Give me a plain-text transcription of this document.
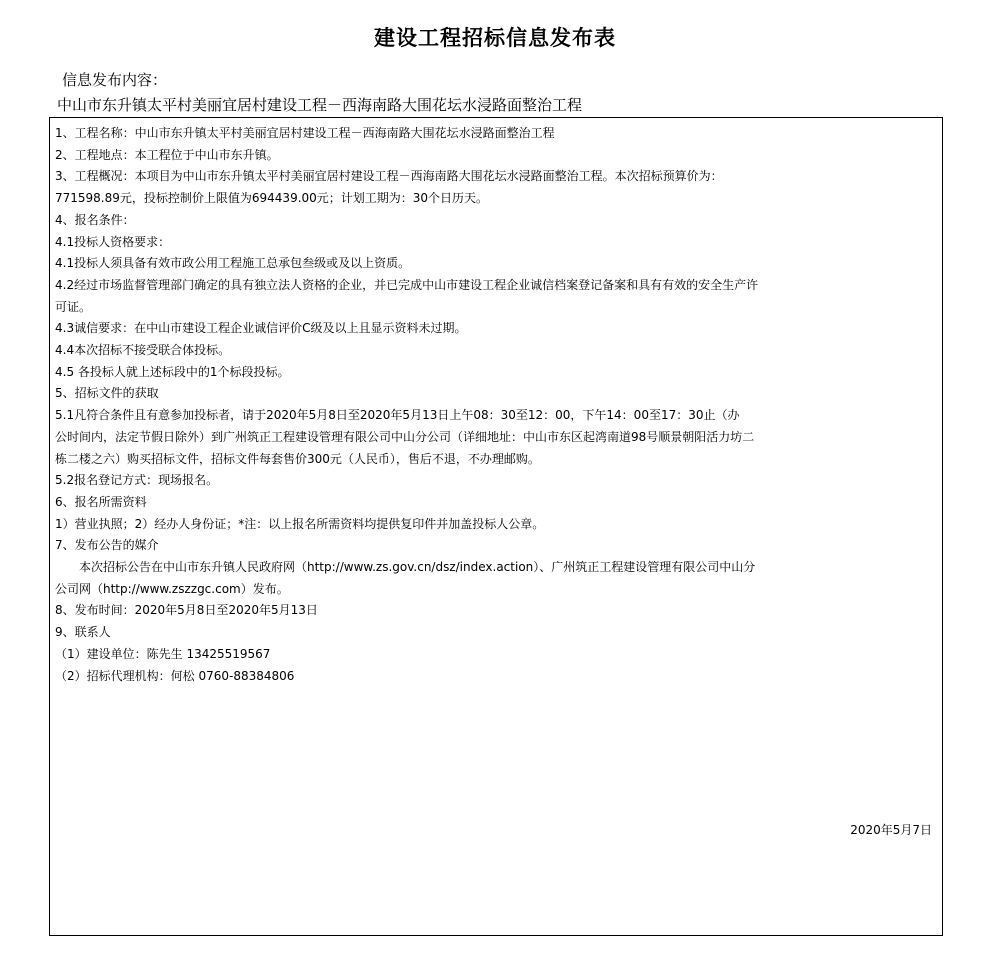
建设工程招标信息发布表
信息发布内容：
中山市东升镇太平村美丽宜居村建设工程－西海南路大围花坛水浸路面整治工程
1、工程名称：中山市东升镇太平村美丽宜居村建设工程－西海南路大围花坛水浸路面整治工程
2、工程地点：本工程位于中山市东升镇。
3、工程概况：本项目为中山市东升镇太平村美丽宜居村建设工程－西海南路大围花坛水浸路面整治工程。本次招标预算价为：
771598.89元，投标控制价上限值为694439.00元；计划工期为：30个日历天。
4、报名条件：
4.1投标人资格要求：
4.1投标人须具备有效市政公用工程施工总承包叁级或及以上资质。
4.2经过市场监督管理部门确定的具有独立法人资格的企业，并已完成中山市建设工程企业诚信档案登记备案和具有有效的安全生产许
可证。
4.3诚信要求：在中山市建设工程企业诚信评价C级及以上且显示资料未过期。
4.4本次招标不接受联合体投标。
4.5 各投标人就上述标段中的1个标段投标。
5、招标文件的获取
5.1凡符合条件且有意参加投标者，请于2020年5月8日至2020年5月13日上午08：30至12：00，下午14：00至17：30止（办
公时间内，法定节假日除外）到广州筑正工程建设管理有限公司中山分公司（详细地址：中山市东区起湾南道98号顺景朝阳活力坊二
栋二楼之六）购买招标文件，招标文件每套售价300元（人民币），售后不退，不办理邮购。
5.2报名登记方式：现场报名。
6、报名所需资料
1）营业执照；2）经办人身份证；*注：以上报名所需资料均提供复印件并加盖投标人公章。
7、发布公告的媒介
本次招标公告在中山市东升镇人民政府网（http://www.zs.gov.cn/dsz/index.action）、广州筑正工程建设管理有限公司中山分
公司网（http://www.zszzgc.com）发布。
8、发布时间：2020年5月8日至2020年5月13日
9、联系人
（1）建设单位：陈先生 13425519567
（2）招标代理机构：何松 0760-88384806
2020年5月7日
